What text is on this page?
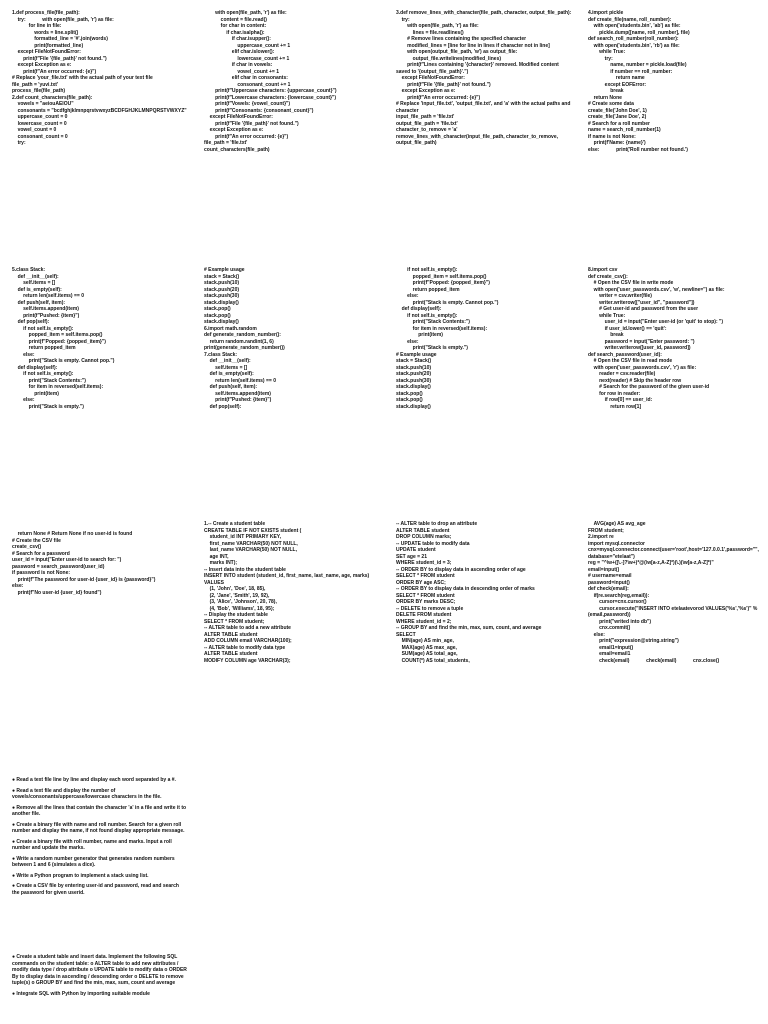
1.def process_file(file_path):
try:            with open(file_path, 'r') as file:
for line in file:
words = line.split()
formatted_line = '#'.join(words)
print(formatted_line)
except FileNotFoundError:
print(f"File '{file_path}' not found.")
except Exception as e:
print(f"An error occurred: {e}")
# Replace 'your_file.txt' with the actual path of your text file
file_path = 'yuvi.txt'
process_file(file_path)
2.def count_characters(file_path):
vowels = "aeiouAEIOU"
consonants = "bcdfghjklmnpqrstvwxyzBCDFGHJKLMNPQRSTVWXYZ"
uppercase_count = 0
lowercase_count = 0
vowel_count = 0
consonant_count = 0
try:
with open(file_path, 'r') as file:
content = file.read()
for char in content:
if char.isalpha():
if char.isupper():
uppercase_count += 1
elif char.islower():
lowercase_count += 1
if char in vowels:
vowel_count += 1
elif char in consonants:
consonant_count += 1
print(f"Uppercase characters: {uppercase_count}")
print(f"Lowercase characters: {lowercase_count}")
print(f"Vowels: {vowel_count}")
print(f"Consonants: {consonant_count}")
except FileNotFoundError:
print(f"File '{file_path}' not found.")
except Exception as e:
print(f"An error occurred: {e}")
file_path = 'file.txt'
count_characters(file_path)
3.def remove_lines_with_character(file_path, character, output_file_path):
try:
with open(file_path, 'r') as file:
lines = file.readlines()
# Remove lines containing the specified character
modified_lines = [line for line in lines if character not in line]
with open(output_file_path, 'w') as output_file:
output_file.writelines(modified_lines)
print(f"Lines containing '{character}' removed. Modified content saved to '{output_file_path}'.")
except FileNotFoundError:
print(f"File '{file_path}' not found.")
except Exception as e:
print(f"An error occurred: {e}")
# Replace 'input_file.txt', 'output_file.txt', and 'a' with the actual paths and character
input_file_path = 'file.txt'
output_file_path = 'file.txt'
character_to_remove = 'a'
remove_lines_with_character(input_file_path, character_to_remove, output_file_path)
4.import pickle
def create_file(name, roll_number):
with open('students.bin', 'ab') as file:
pickle.dump([name, roll_number], file)
def search_roll_number(roll_number):
with open('students.bin', 'rb') as file:
while True:
try:
name, number = pickle.load(file)
if number == roll_number:
return name
except EOFError:
break
return None
# Create some data
create_file('John Doe', 1)
create_file('Jane Doe', 2)
# Search for a roll number
name = search_roll_number(1)
if name is not None:
print(f'Name: {name}')
else:            print('Roll number not found.')
5.class Stack:
def __init__(self):
self.items = []
def is_empty(self):
return len(self.items) == 0
def push(self, item):
self.items.append(item)
print(f"Pushed: {item}")
def pop(self):
if not self.is_empty():
popped_item = self.items.pop()
print(f"Popped: {popped_item}")
return popped_item
else:
print("Stack is empty. Cannot pop.")
def display(self):
if not self.is_empty():
print("Stack Contents:")
for item in reversed(self.items):
print(item)
else:
print("Stack is empty.")
# Example usage
stack = Stack()
stack.push(10)
stack.push(20)
stack.push(30)
stack.display()
stack.pop()
stack.pop()
stack.display()
6.import math.random
def generate_random_number():
return random.randint(1, 6)
print(generate_random_number())
7.class Stack:
def __init__(self):
self.items = []
def is_empty(self):
return len(self.items) == 0
def push(self, item):
self.items.append(item)
print(f"Pushed: {item}")
def pop(self):
if not self.is_empty():
popped_item = self.items.pop()
print(f"Popped: {popped_item}")
return popped_item
else:
print("Stack is empty. Cannot pop.")
def display(self):
if not self.is_empty():
print("Stack Contents:")
for item in reversed(self.items):
print(item)
else:
print("Stack is empty.")
# Example usage
stack = Stack()
stack.push(10)
stack.push(20)
stack.push(30)
stack.display()
stack.pop()
stack.pop()
stack.display()
8.import csv
def create_csv():
# Open the CSV file in write mode
with open('user_passwords.csv', 'w', newline='') as file:
writer = csv.writer(file)
writer.writerow(["user_id", "password"])
# Get user-id and password from the user
while True:
user_id = input("Enter user-id (or 'quit' to stop): ")
if user_id.lower() == 'quit':
break
password = input("Enter password: ")
writer.writerow([user_id, password])
def search_password(user_id):
# Open the CSV file in read mode
with open('user_passwords.csv', 'r') as file:
reader = csv.reader(file)
next(reader) # Skip the header row
# Search for the password of the given user-id
for row in reader:
if row[0] == user_id:
return row[1]
return None # Return None if no user-id is found
# Create the CSV file
create_csv()
# Search for a password
user_id = input("Enter user-id to search for: ")
password = search_password(user_id)
if password is not None:
print(f"The password for user-id {user_id} is {password}")
else:
print(f"No user-id {user_id} found")
1.-- Create a student table
CREATE TABLE IF NOT EXISTS student (
student_id INT PRIMARY KEY,
first_name VARCHAR(50) NOT NULL,
last_name VARCHAR(50) NOT NULL,
age INT,
marks INT);
-- Insert data into the student table
INSERT INTO student (student_id, first_name, last_name, age, marks)
VALUES
(1, 'John', 'Doe', 18, 85),
(2, 'Jane', 'Smith', 19, 92),
(3, 'Alice', 'Johnson', 20, 78),
(4, 'Bob', 'Williams', 18, 95);
-- Display the student table
SELECT * FROM student;
-- ALTER table to add a new attribute
ALTER TABLE student
ADD COLUMN email VARCHAR(100);
-- ALTER table to modify data type
ALTER TABLE student
MODIFY COLUMN age VARCHAR(3);
-- ALTER table to drop an attribute
ALTER TABLE student
DROP COLUMN marks;
-- UPDATE table to modify data
UPDATE student
SET age = 21
WHERE student_id = 3;
-- ORDER BY to display data in ascending order of age
SELECT * FROM student
ORDER BY age ASC;
-- ORDER BY to display data in descending order of marks
SELECT * FROM student
ORDER BY marks DESC;
-- DELETE to remove a tuple
DELETE FROM student
WHERE student_id = 2;
-- GROUP BY and find the min, max, sum, count, and average
SELECT
MIN(age) AS min_age,
MAX(age) AS max_age,
SUM(age) AS total_age,
COUNT(*) AS total_students,
AVG(age) AS avg_age
FROM student;
2.import re
import mysql.connector
cnx=mysql.connector.connect(user='root',host='127.0.0.1',password="",
database="etelaat")
reg = "^\w+([\.-]?\w+)*@(\w[a-z,A-Z]*)(\.)(\w[a-z,A-Z]*)"
email=input()
# username=email
password=input()
def check(email):
if(re.search(reg,email)):
cursor=cnx.cursor()
cursor.execute("INSERT INTO etelaatevorod VALUES('%s','%s')" %(email,password))
print("writed into db")
cnx.commit()
else:
print("expression@string.string")
email1=input()
email=email1
check(email)            check(email)            cnx.close()
● Read a text file line by line and display each word separated by a #.
● Read a text file and display the number of vowels/consonants/uppercase/lowercase characters in the file.
● Remove all the lines that contain the character 'a' in a file and write it to another file.
● Create a binary file with name and roll number. Search for a given roll number and display the name, if not found display appropriate message.
● Create a binary file with roll number, name and marks. Input a roll number and update the marks.
● Write a random number generator that generates random numbers between 1 and 6 (simulates a dice).
● Write a Python program to implement a stack using list.
● Create a CSV file by entering user-id and password, read and search the password for given userid.
● Create a student table and insert data. Implement the following SQL commands on the student table: o ALTER table to add new attributes / modify data type / drop attribute o UPDATE table to modify data o ORDER By to display data in ascending / descending order o DELETE to remove tuple(s) o GROUP BY and find the min, max, sum, count and average
● Integrate SQL with Python by importing suitable module
